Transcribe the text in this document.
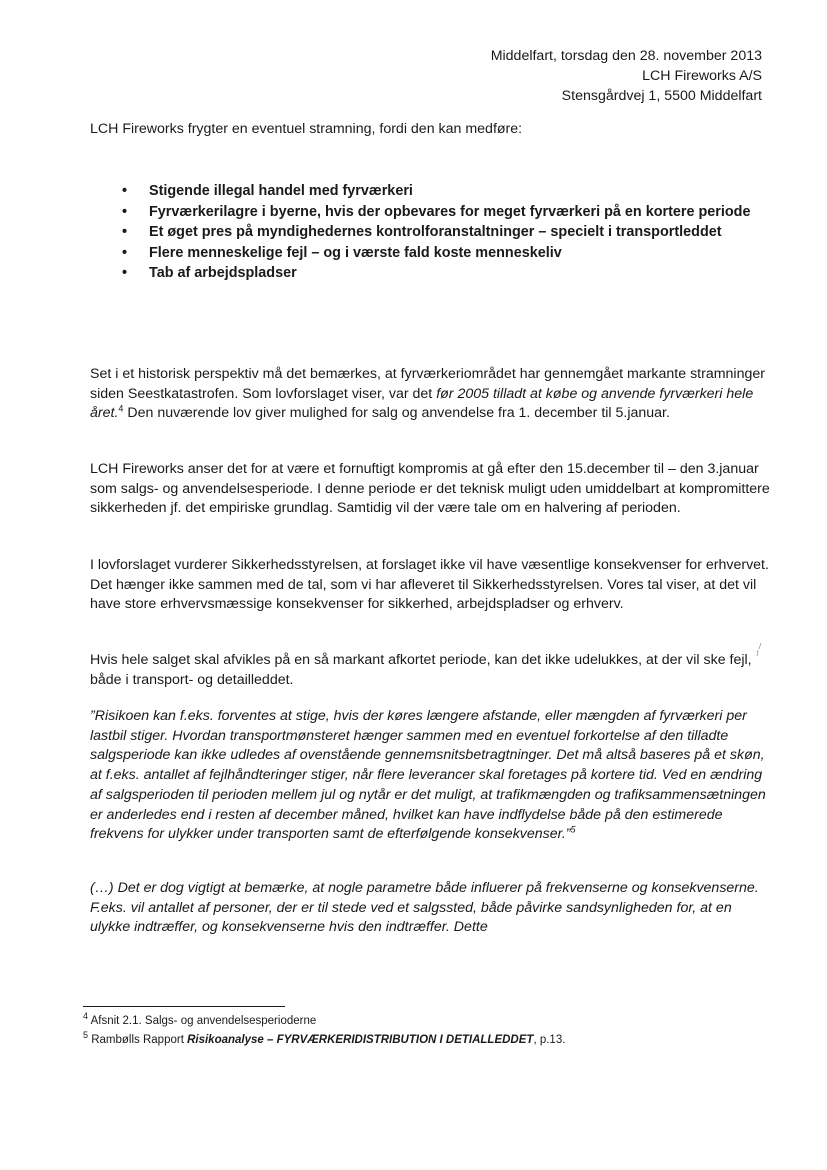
Middelfart, torsdag den 28. november 2013
LCH Fireworks A/S
Stensgårdvej 1, 5500 Middelfart
LCH Fireworks frygter en eventuel stramning, fordi den kan medføre:
• Stigende illegal handel med fyrværkeri
• Fyrværkerilagre i byerne, hvis der opbevares for meget fyrværkeri på en kortere periode
• Et øget pres på myndighedernes kontrolforanstaltninger – specielt i transportleddet
• Flere menneskelige fejl – og i værste fald koste menneskeliv
• Tab af arbejdspladser

Set i et historisk perspektiv må det bemærkes, at fyrværkeriområdet har gennemgået markante stramninger siden Seestkatastrofen. Som lovforslaget viser, var det før 2005 tilladt at købe og anvende fyrværkeri hele året.$^4$ Den nuværende lov giver mulighed for salg og anvendelse fra 1. december til 5.januar.

LCH Fireworks anser det for at være et fornuftigt kompromis at gå efter den 15.december til – den 3.januar som salgs- og anvendelsesperiode. I denne periode er det teknisk muligt uden umiddelbart at kompromittere sikkerheden jf. det empiriske grundlag. Samtidig vil der være tale om en halvering af perioden.

I lovforslaget vurderer Sikkerhedsstyrelsen, at forslaget ikke vil have væsentlige konsekvenser for erhvervet. Det hænger ikke sammen med de tal, som vi har afleveret til Sikkerhedsstyrelsen. Vores tal viser, at det vil have store erhvervsmæssige konsekvenser for sikkerhed, arbejdspladser og erhverv.

Hvis hele salget skal afvikles på en så markant afkortet periode, kan det ikke udelukkes, at der vil ske fejl, både i transport- og detailleddet.

”Risikoen kan f.eks. forventes at stige, hvis der køres længere afstande, eller mængden af fyrværkeri per lastbil stiger. Hvordan transportmønsteret hænger sammen med en eventuel forkortelse af den tilladte salgsperiode kan ikke udledes af ovenstående gennemsnitsbetragtninger. Det må altså baseres på et skøn, at f.eks. antallet af fejlhåndteringer stiger, når flere leverancer skal foretages på kortere tid. Ved en ændring af salgsperioden til perioden mellem jul og nytår er det muligt, at trafikmængden og trafiksammensætningen er anderledes end i resten af december måned, hvilket kan have indflydelse både på den estimerede frekvens for ulykker under transporten samt de efterfølgende konsekvenser.”$^5$

(…) Det er dog vigtigt at bemærke, at nogle parametre både influerer på frekvenserne og konsekvenserne. F.eks. vil antallet af personer, der er til stede ved et salgssted, både påvirke sandsynligheden for, at en ulykke indtræffer, og konsekvenserne hvis den indtræffer. Dette

$^4$ Afsnit 2.1. Salgs- og anvendelsesperioderne
$^5$ Rambølls Rapport Risikoanalyse – FYRVÆRKERIDISTRIBUTION I DETIALLEDDET, p.13.
